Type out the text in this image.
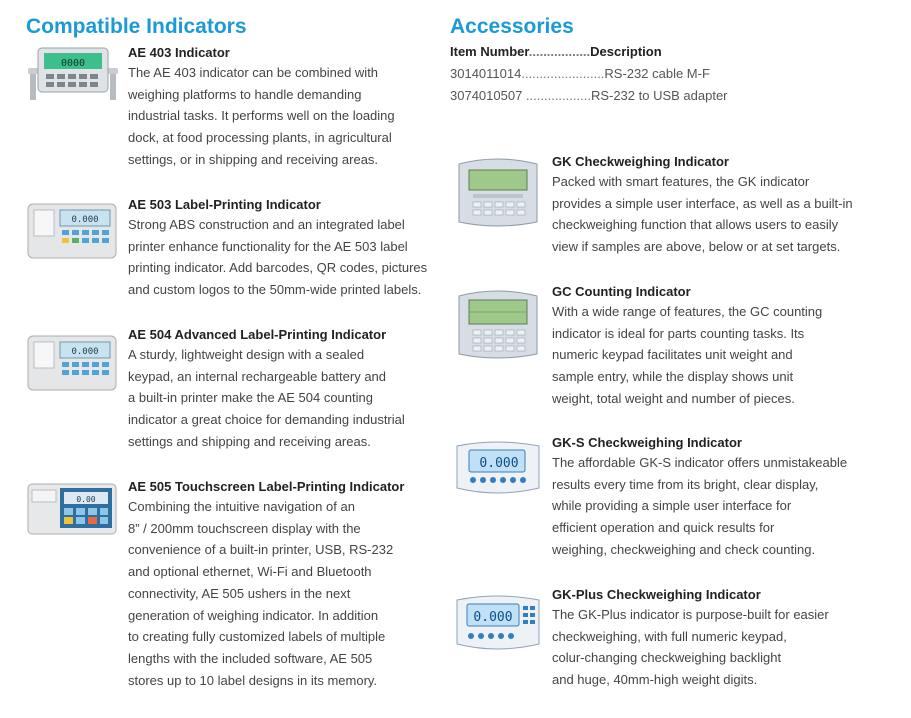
Compatible Indicators
0000
AE 403 Indicator
The AE 403 indicator can be combined with
weighing platforms to handle demanding
industrial tasks. It performs well on the loading
dock, at food processing plants, in agricultural
settings, or in shipping and receiving areas.
0.000
AE 503 Label-Printing Indicator
Strong ABS construction and an integrated label
printer enhance functionality for the AE 503 label
printing indicator. Add barcodes, QR codes, pictures
and custom logos to the 50mm-wide printed labels.
0.000
AE 504 Advanced Label-Printing Indicator
A sturdy, lightweight design with a sealed
keypad, an internal rechargeable battery and
a built-in printer make the AE 504 counting
indicator a great choice for demanding industrial
settings and shipping and receiving areas.
0.00
AE 505 Touchscreen Label-Printing Indicator
Combining the intuitive navigation of an
8” / 200mm touchscreen display with the
convenience of a built-in printer, USB, RS-232
and optional ethernet, Wi-Fi and Bluetooth
connectivity, AE 505 ushers in the next
generation of weighing indicator. In addition
to creating fully customized labels of multiple
lengths with the included software, AE 505
stores up to 10 label designs in its memory.
Accessories
Item Number.................Description
3014011014.......................RS-232 cable M-F
3074010507 ..................RS-232 to USB adapter
GK Checkweighing Indicator
Packed with smart features, the GK indicator
provides a simple user interface, as well as a built-in
checkweighing function that allows users to easily
view if samples are above, below or at set targets.
GC Counting Indicator
With a wide range of features, the GC counting
indicator is ideal for parts counting tasks. Its
numeric keypad facilitates unit weight and
sample entry, while the display shows unit
weight, total weight and number of pieces.
0.000
GK-S Checkweighing Indicator
The affordable GK-S indicator offers unmistakeable
results every time from its bright, clear display,
while providing a simple user interface for
efficient operation and quick results for
weighing, checkweighing and check counting.
0.000
GK-Plus Checkweighing Indicator
The GK-Plus indicator is purpose-built for easier
checkweighing, with full numeric keypad,
colur-changing checkweighing backlight
and huge, 40mm-high weight digits.
